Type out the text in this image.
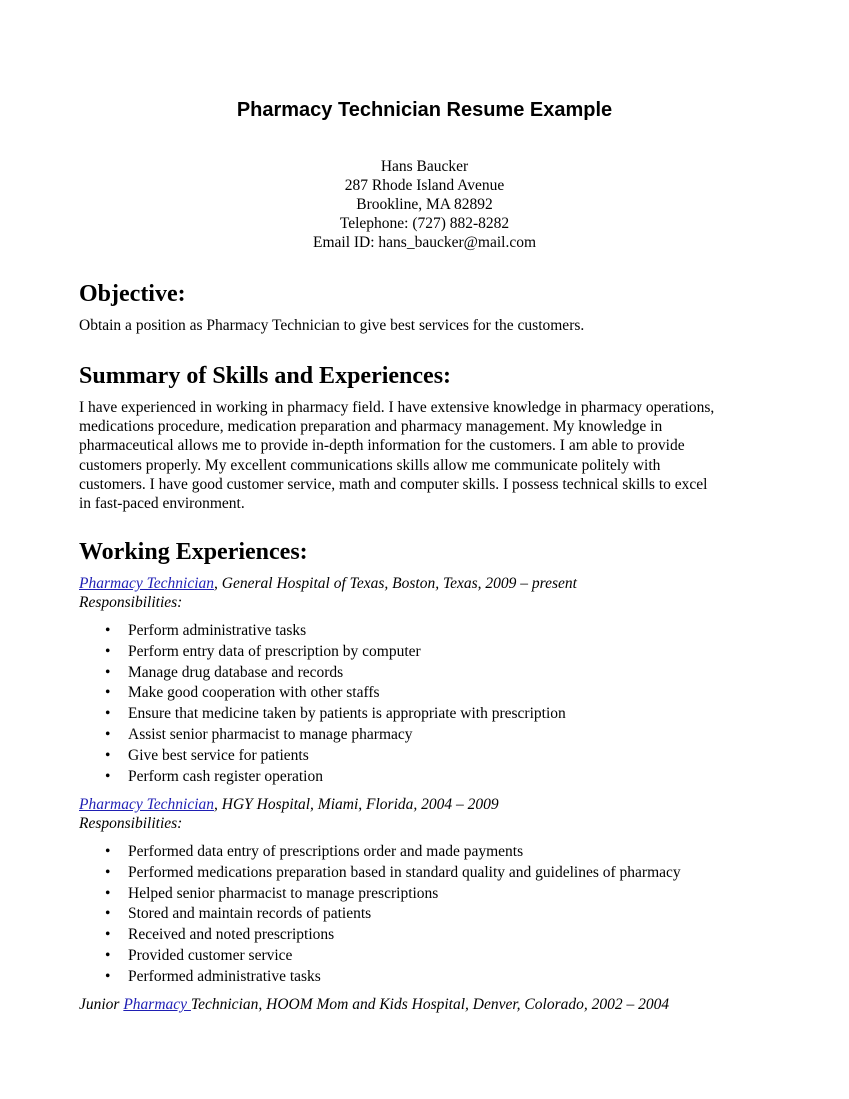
Pharmacy Technician Resume Example
Hans Baucker
287 Rhode Island Avenue
Brookline, MA 82892
Telephone: (727) 882-8282
Email ID: hans_baucker@mail.com
Objective:

Obtain a position as Pharmacy Technician to give best services for the customers.

Summary of Skills and Experiences:

I have experienced in working in pharmacy field. I have extensive knowledge in pharmacy operations,
medications procedure, medication preparation and pharmacy management. My knowledge in
pharmaceutical allows me to provide in-depth information for the customers. I am able to provide
customers properly. My excellent communications skills allow me communicate politely with
customers. I have good customer service, math and computer skills. I possess technical skills to excel
in fast-paced environment.

Working Experiences:
Pharmacy Technician, General Hospital of Texas, Boston, Texas, 2009 – present
Responsibilities:
• Perform administrative tasks
• Perform entry data of prescription by computer
• Manage drug database and records
• Make good cooperation with other staffs
• Ensure that medicine taken by patients is appropriate with prescription
• Assist senior pharmacist to manage pharmacy
• Give best service for patients
• Perform cash register operation
Pharmacy Technician, HGY Hospital, Miami, Florida, 2004 – 2009
Responsibilities:
• Performed data entry of prescriptions order and made payments
• Performed medications preparation based in standard quality and guidelines of pharmacy
• Helped senior pharmacist to manage prescriptions
• Stored and maintain records of patients
• Received and noted prescriptions
• Provided customer service
• Performed administrative tasks
Junior Pharmacy Technician, HOOM Mom and Kids Hospital, Denver, Colorado, 2002 – 2004
